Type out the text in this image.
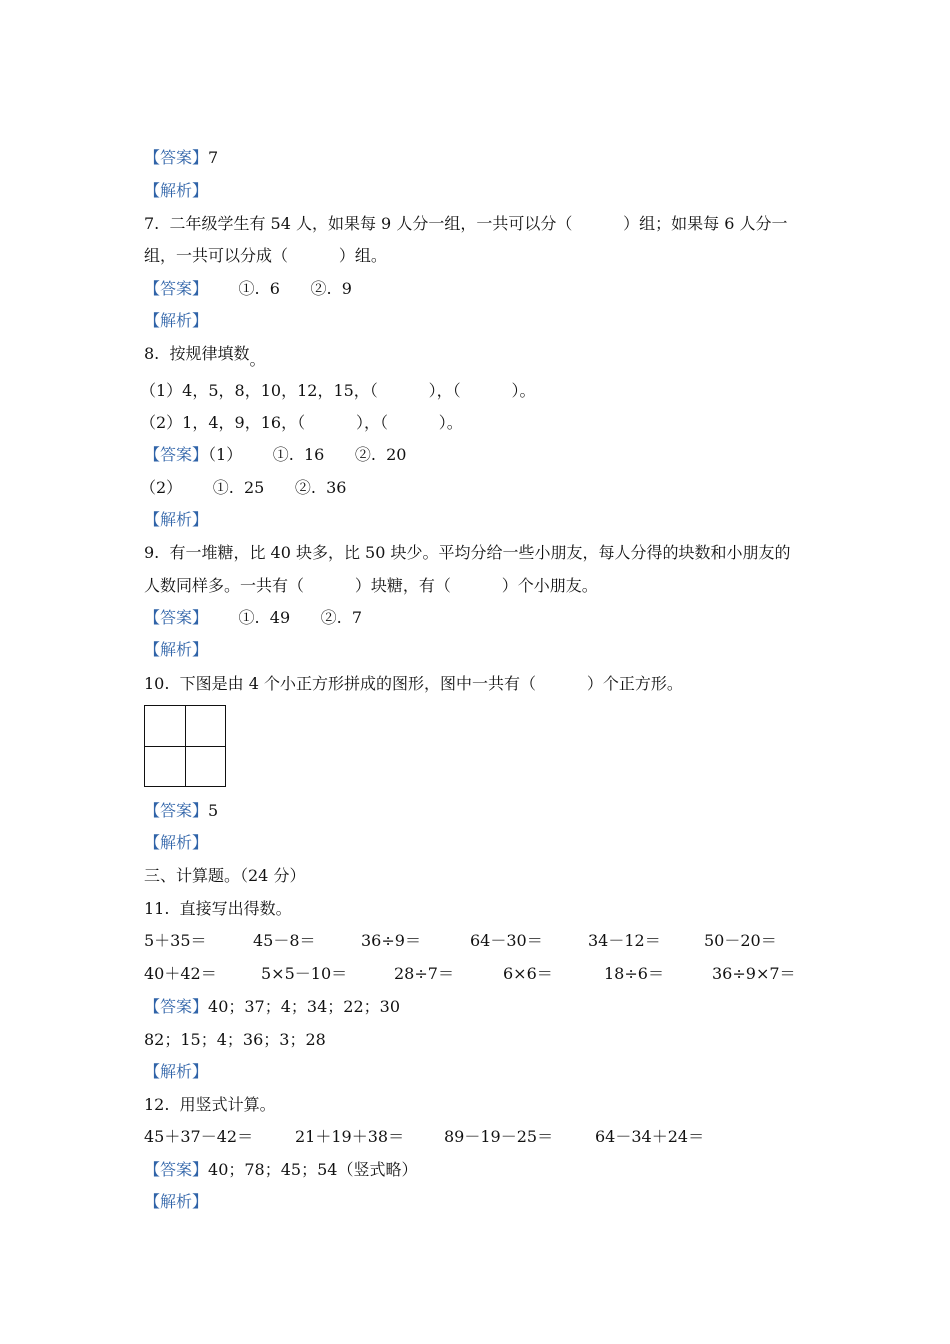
【答案】7
【解析】
7.  二年级学生有 54 人，如果每 9 人分一组，一共可以分（          ）组；如果每 6 人分一
组，一共可以分成（          ）组。
【答案】      ①.  6      ②.  9
【解析】
8.  按规律填数。
（1）4，5，8，10，12，15，（          ），（          ）。
（2）1，4，9，16，（          ），（          ）。
【答案】（1）      ①.  16      ②.  20
（2）      ①.  25      ②.  36
【解析】
9.  有一堆糖，比 40 块多，比 50 块少。平均分给一些小朋友，每人分得的块数和小朋友的
人数同样多。一共有（          ）块糖，有（          ）个小朋友。
【答案】      ①.  49      ②.  7
【解析】
10.  下图是由 4 个小正方形拼成的图形，图中一共有（          ）个正方形。
【答案】5
【解析】
三、计算题。（24 分）
11.  直接写出得数。
5＋35＝	45－8＝	36÷9＝	64－30＝	34－12＝	50－20＝
40＋42＝	5×5－10＝	28÷7＝	6×6＝	18÷6＝	36÷9×7＝
【答案】40；37；4；34；22；30
82；15；4；36；3；28
【解析】
12.  用竖式计算。
45＋37－42＝	21＋19＋38＝ 89－19－25＝	64－34＋24＝
【答案】40；78；45；54（竖式略）
【解析】
